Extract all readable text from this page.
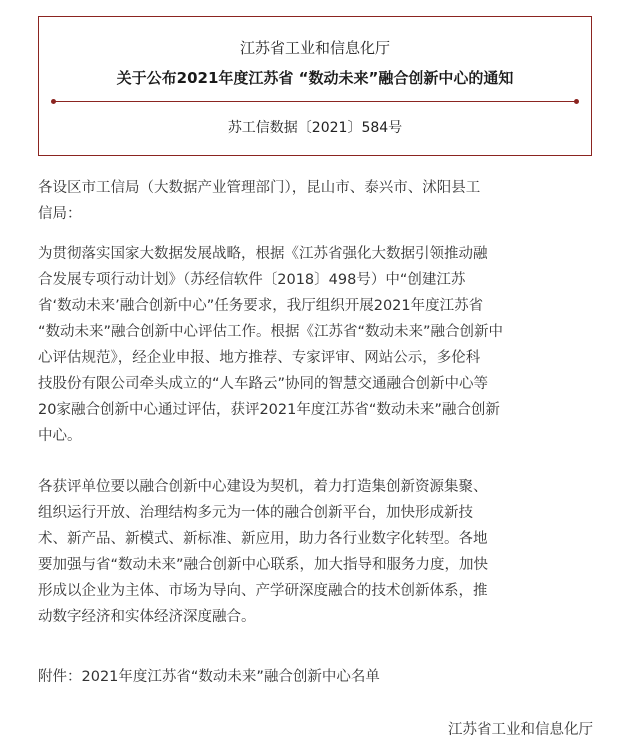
江苏省工业和信息化厅
关于公布2021年度江苏省 “数动未来”融合创新中心的通知
苏工信数据〔2021〕584号
各设区市工信局（大数据产业管理部门），昆山市、泰兴市、沭阳县工
信局：
为贯彻落实国家大数据发展战略，根据《江苏省强化大数据引领推动融
合发展专项行动计划》（苏经信软件〔2018〕498号）中“创建江苏
省‘数动未来’融合创新中心”任务要求，我厅组织开展2021年度江苏省
“数动未来”融合创新中心评估工作。根据《江苏省“数动未来”融合创新中
心评估规范》，经企业申报、地方推荐、专家评审、网站公示，多伦科
技股份有限公司牵头成立的“人车路云”协同的智慧交通融合创新中心等
20家融合创新中心通过评估，获评2021年度江苏省“数动未来”融合创新
中心。
各获评单位要以融合创新中心建设为契机，着力打造集创新资源集聚、
组织运行开放、治理结构多元为一体的融合创新平台，加快形成新技
术、新产品、新模式、新标准、新应用，助力各行业数字化转型。各地
要加强与省“数动未来”融合创新中心联系，加大指导和服务力度，加快
形成以企业为主体、市场为导向、产学研深度融合的技术创新体系，推
动数字经济和实体经济深度融合。
附件：2021年度江苏省“数动未来”融合创新中心名单
江苏省工业和信息化厅
